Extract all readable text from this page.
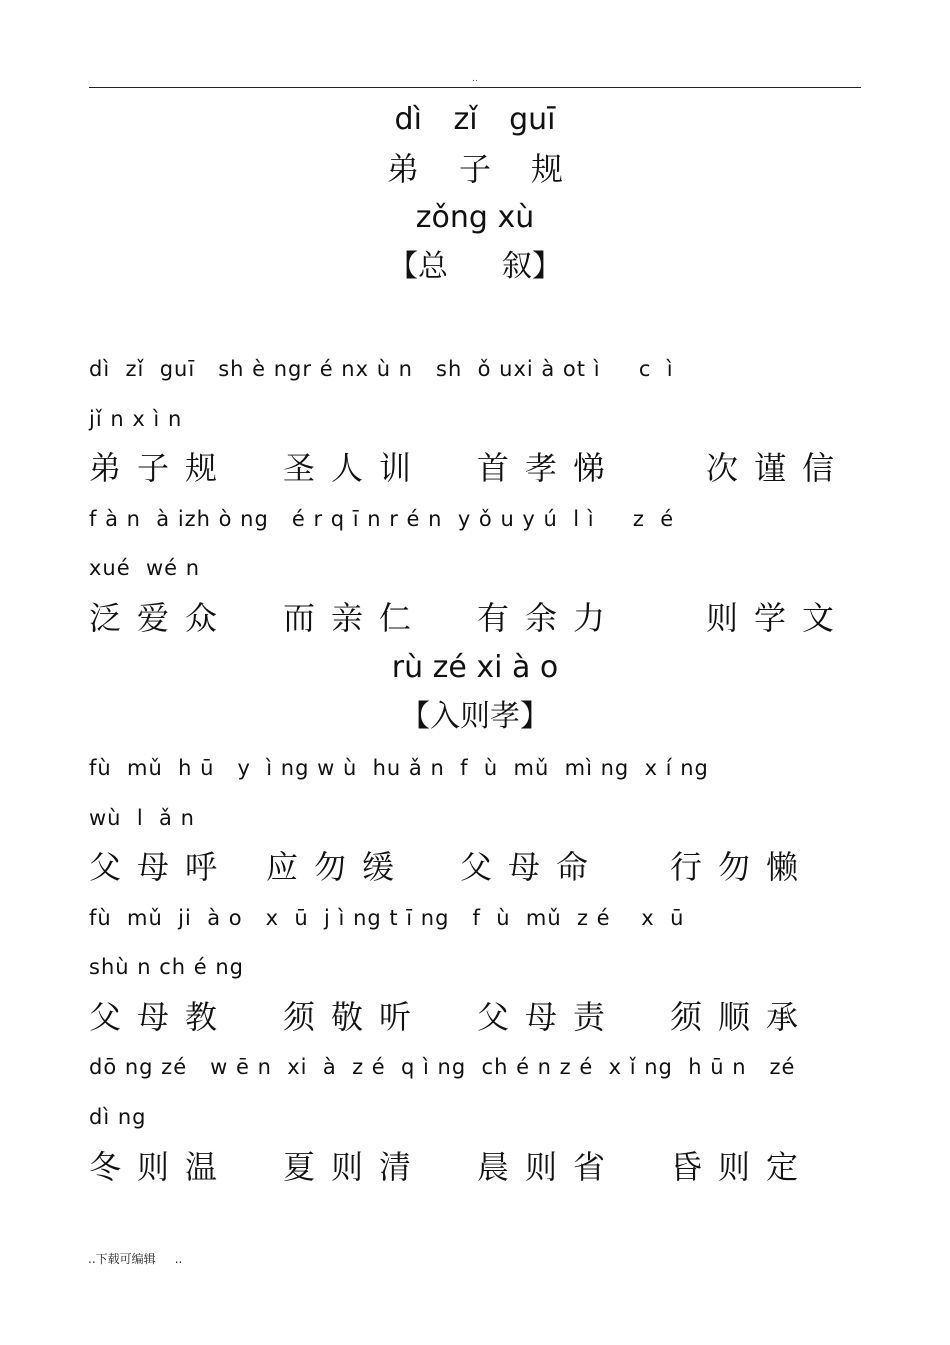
..
dì zǐ guī
弟子规
zǒng xù
【总 叙】
dì  zǐ  guī   sh è ngr é nx ù n   sh  ǒ uxi à ot ì     c  ì
jǐ n x ì n
弟子规 圣人训 首孝悌	次谨信
f à n  à izh ò ng   é r q ī n r é n  y ǒ u y ú  l ì     z  é
xué  wé n
泛爱众 而亲仁 有余力	则学文
rù zé xi à o
【入则孝】
fù  mǔ  h ū   y  ì ng w ù  hu ǎ n  f  ù  mǔ  mì ng  x í ng
wù  l  ǎ n
父母呼 应勿缓 父母命 行勿懒
fù  mǔ  ji  à o   x  ū  j ì ng t ī ng   f  ù  mǔ  z é    x  ū
shù n ch é ng
父母教 须敬听 父母责 须顺承
dō ng zé   w ē n  xi  à  z é  q ì ng  ch é n z é  x ǐ ng  h ū n   zé
dì ng
冬则温 夏则清 晨则省 昏则定
..下载可编辑     ..
